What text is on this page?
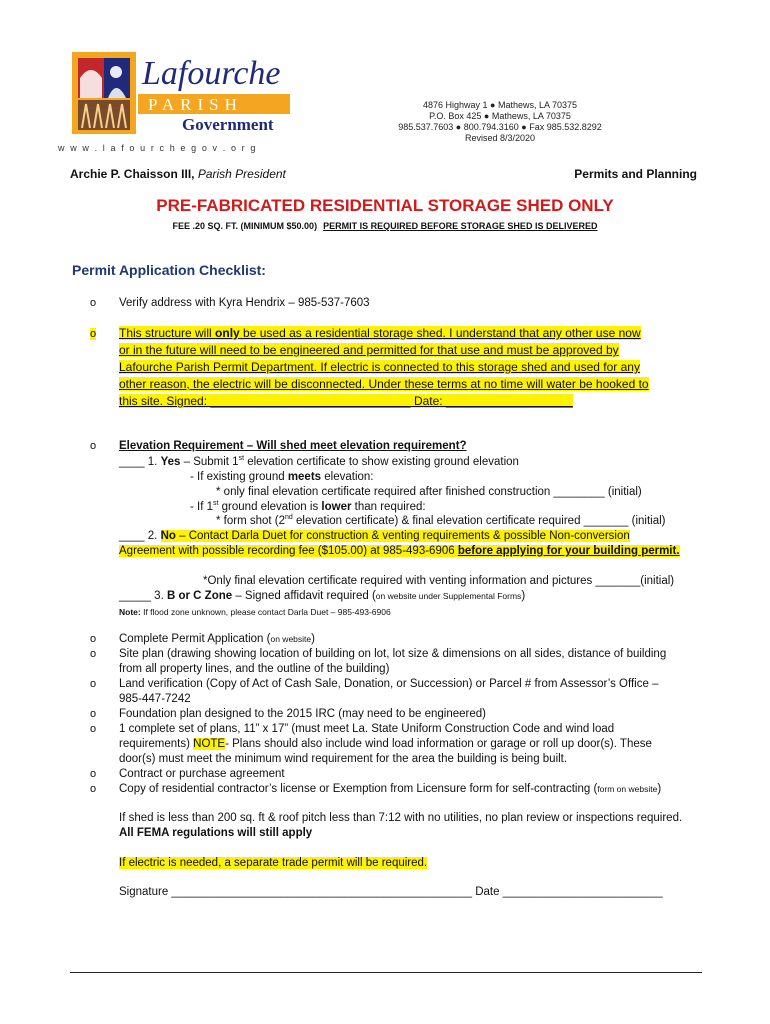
Lafourche
PARISH
Government
w w w . l a f o u r c h e g o v . o r g
4876 Highway 1 ● Mathews, LA 70375
P.O. Box 425 ● Mathews, LA 70375
985.537.7603 ● 800.794.3160 ● Fax 985.532.8292
Revised 8/3/2020
Archie P. Chaisson III, Parish President	Permits and Planning
PRE-FABRICATED RESIDENTIAL STORAGE SHED ONLY
FEE .20 SQ. FT. (MINIMUM $50.00) PERMIT IS REQUIRED BEFORE STORAGE SHED IS DELIVERED
Permit Application Checklist:
o Verify address with Kyra Hendrix – 985-537-7603
o This structure will only be used as a residential storage shed. I understand that any other use now
or in the future will need to be engineered and permitted for that use and must be approved by
Lafourche Parish Permit Department. If electric is connected to this storage shed and used for any
other reason, the electric will be disconnected. Under these terms at no time will water be hooked to
this site. Signed: ______________________________ Date: ___________________
o Elevation Requirement – Will shed meet elevation requirement?
____ 1. Yes – Submit 1st elevation certificate to show existing ground elevation
- If existing ground meets elevation:
* only final elevation certificate required after finished construction ________ (initial)
- If 1st ground elevation is lower than required:
* form shot (2nd elevation certificate) & final elevation certificate required _______ (initial)
____ 2. No – Contact Darla Duet for construction & venting requirements & possible Non-conversion
Agreement with possible recording fee ($105.00) at 985-493-6906 before applying for your building permit.
*Only final elevation certificate required with venting information and pictures _______(initial)
_____ 3. B or C Zone – Signed affidavit required (on website under Supplemental Forms)
Note: If flood zone unknown, please contact Darla Duet – 985-493-6906
o Complete Permit Application (on website)
o Site plan (drawing showing location of building on lot, lot size & dimensions on all sides, distance of building
from all property lines, and the outline of the building)
o Land verification (Copy of Act of Cash Sale, Donation, or Succession) or Parcel # from Assessor’s Office –
985-447-7242
o Foundation plan designed to the 2015 IRC (may need to be engineered)
o 1 complete set of plans, 11” x 17” (must meet La. State Uniform Construction Code and wind load
requirements) NOTE- Plans should also include wind load information or garage or roll up door(s). These
door(s) must meet the minimum wind requirement for the area the building is being built.
o Contract or purchase agreement
o Copy of residential contractor’s license or Exemption from Licensure form for self-contracting (form on website)
If shed is less than 200 sq. ft & roof pitch less than 7:12 with no utilities, no plan review or inspections required.
All FEMA regulations will still apply
If electric is needed, a separate trade permit will be required.
Signature _______________________________________________ Date _________________________
